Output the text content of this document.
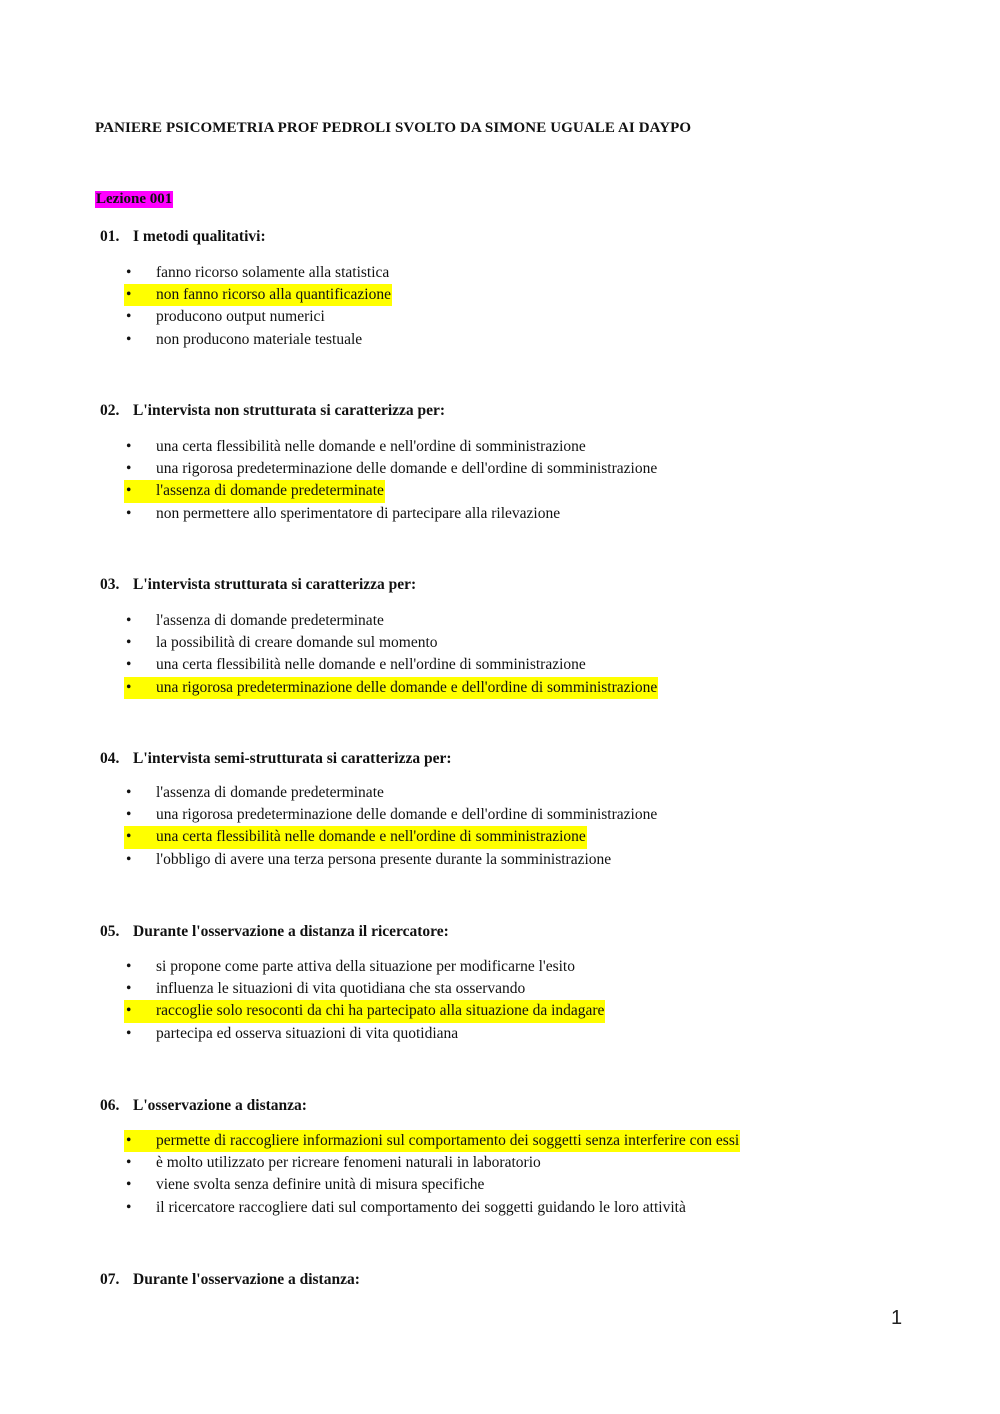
PANIERE PSICOMETRIA PROF PEDROLI SVOLTO DA SIMONE UGUALE AI DAYPO
Lezione 001
01. I metodi qualitativi:
• fanno ricorso solamente alla statistica
• non fanno ricorso alla quantificazione
• producono output numerici
• non producono materiale testuale
02. L'intervista non strutturata si caratterizza per:
• una certa flessibilità nelle domande e nell'ordine di somministrazione
• una rigorosa predeterminazione delle domande e dell'ordine di somministrazione
• l'assenza di domande predeterminate
• non permettere allo sperimentatore di partecipare alla rilevazione
03. L'intervista strutturata si caratterizza per:
• l'assenza di domande predeterminate
• la possibilità di creare domande sul momento
• una certa flessibilità nelle domande e nell'ordine di somministrazione
• una rigorosa predeterminazione delle domande e dell'ordine di somministrazione
04. L'intervista semi-strutturata si caratterizza per:
• l'assenza di domande predeterminate
• una rigorosa predeterminazione delle domande e dell'ordine di somministrazione
• una certa flessibilità nelle domande e nell'ordine di somministrazione
• l'obbligo di avere una terza persona presente durante la somministrazione
05. Durante l'osservazione a distanza il ricercatore:
• si propone come parte attiva della situazione per modificarne l'esito
• influenza le situazioni di vita quotidiana che sta osservando
• raccoglie solo resoconti da chi ha partecipato alla situazione da indagare
• partecipa ed osserva situazioni di vita quotidiana
06. L'osservazione a distanza:
• permette di raccogliere informazioni sul comportamento dei soggetti senza interferire con essi
• è molto utilizzato per ricreare fenomeni naturali in laboratorio
• viene svolta senza definire unità di misura specifiche
• il ricercatore raccogliere dati sul comportamento dei soggetti guidando le loro attività
07. Durante l'osservazione a distanza:
1
